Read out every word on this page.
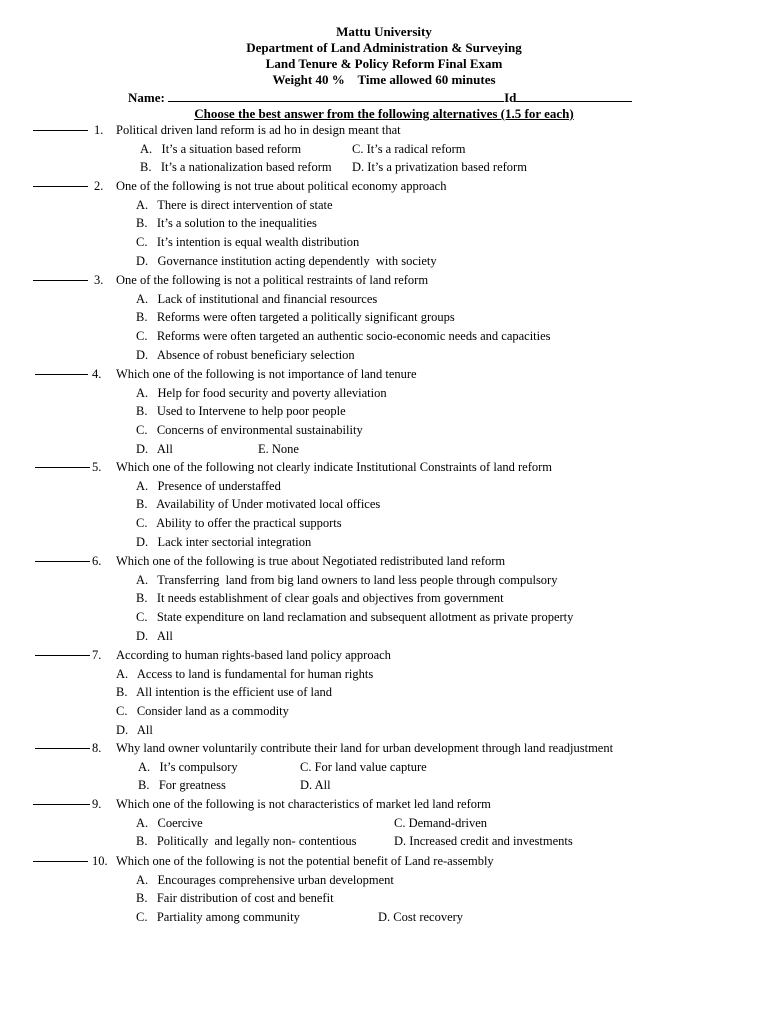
Mattu University
Department of Land Administration & Surveying
Land Tenure & Policy Reform Final Exam
Weight 40 %    Time allowed 60 minutes
Name:	Id
Choose the best answer from the following alternatives (1.5 for each)
1. Political driven land reform is ad ho in design meant that
A.   It’s a situation based reform	C. It’s a radical reform
B.   It’s a nationalization based reform D. It’s a privatization based reform
2. One of the following is not true about political economy approach
A.   There is direct intervention of state
B.   It’s a solution to the inequalities
C.   It’s intention is equal wealth distribution
D.   Governance institution acting dependently  with society
3. One of the following is not a political restraints of land reform
A.   Lack of institutional and financial resources
B.   Reforms were often targeted a politically significant groups
C.   Reforms were often targeted an authentic socio-economic needs and capacities
D.   Absence of robust beneficiary selection
4. Which one of the following is not importance of land tenure
A.   Help for food security and poverty alleviation
B.   Used to Intervene to help poor people
C.   Concerns of environmental sustainability
D.   All	E. None
5. Which one of the following not clearly indicate Institutional Constraints of land reform
A.   Presence of understaffed
B.   Availability of Under motivated local offices
C.   Ability to offer the practical supports
D.   Lack inter sectorial integration
6. Which one of the following is true about Negotiated redistributed land reform
A.   Transferring  land from big land owners to land less people through compulsory
B.   It needs establishment of clear goals and objectives from government
C.   State expenditure on land reclamation and subsequent allotment as private property
D.   All
7. According to human rights-based land policy approach
A.   Access to land is fundamental for human rights
B.   All intention is the efficient use of land
C.   Consider land as a commodity
D.   All
8. Why land owner voluntarily contribute their land for urban development through land readjustment
A.   It’s compulsory	C. For land value capture
B.   For greatness	D. All
9. Which one of the following is not characteristics of market led land reform
A.   Coercive	C. Demand-driven
B.   Politically  and legally non- contentious	D. Increased credit and investments
10. Which one of the following is not the potential benefit of Land re-assembly
A.   Encourages comprehensive urban development
B.   Fair distribution of cost and benefit
C.   Partiality among community	D. Cost recovery
